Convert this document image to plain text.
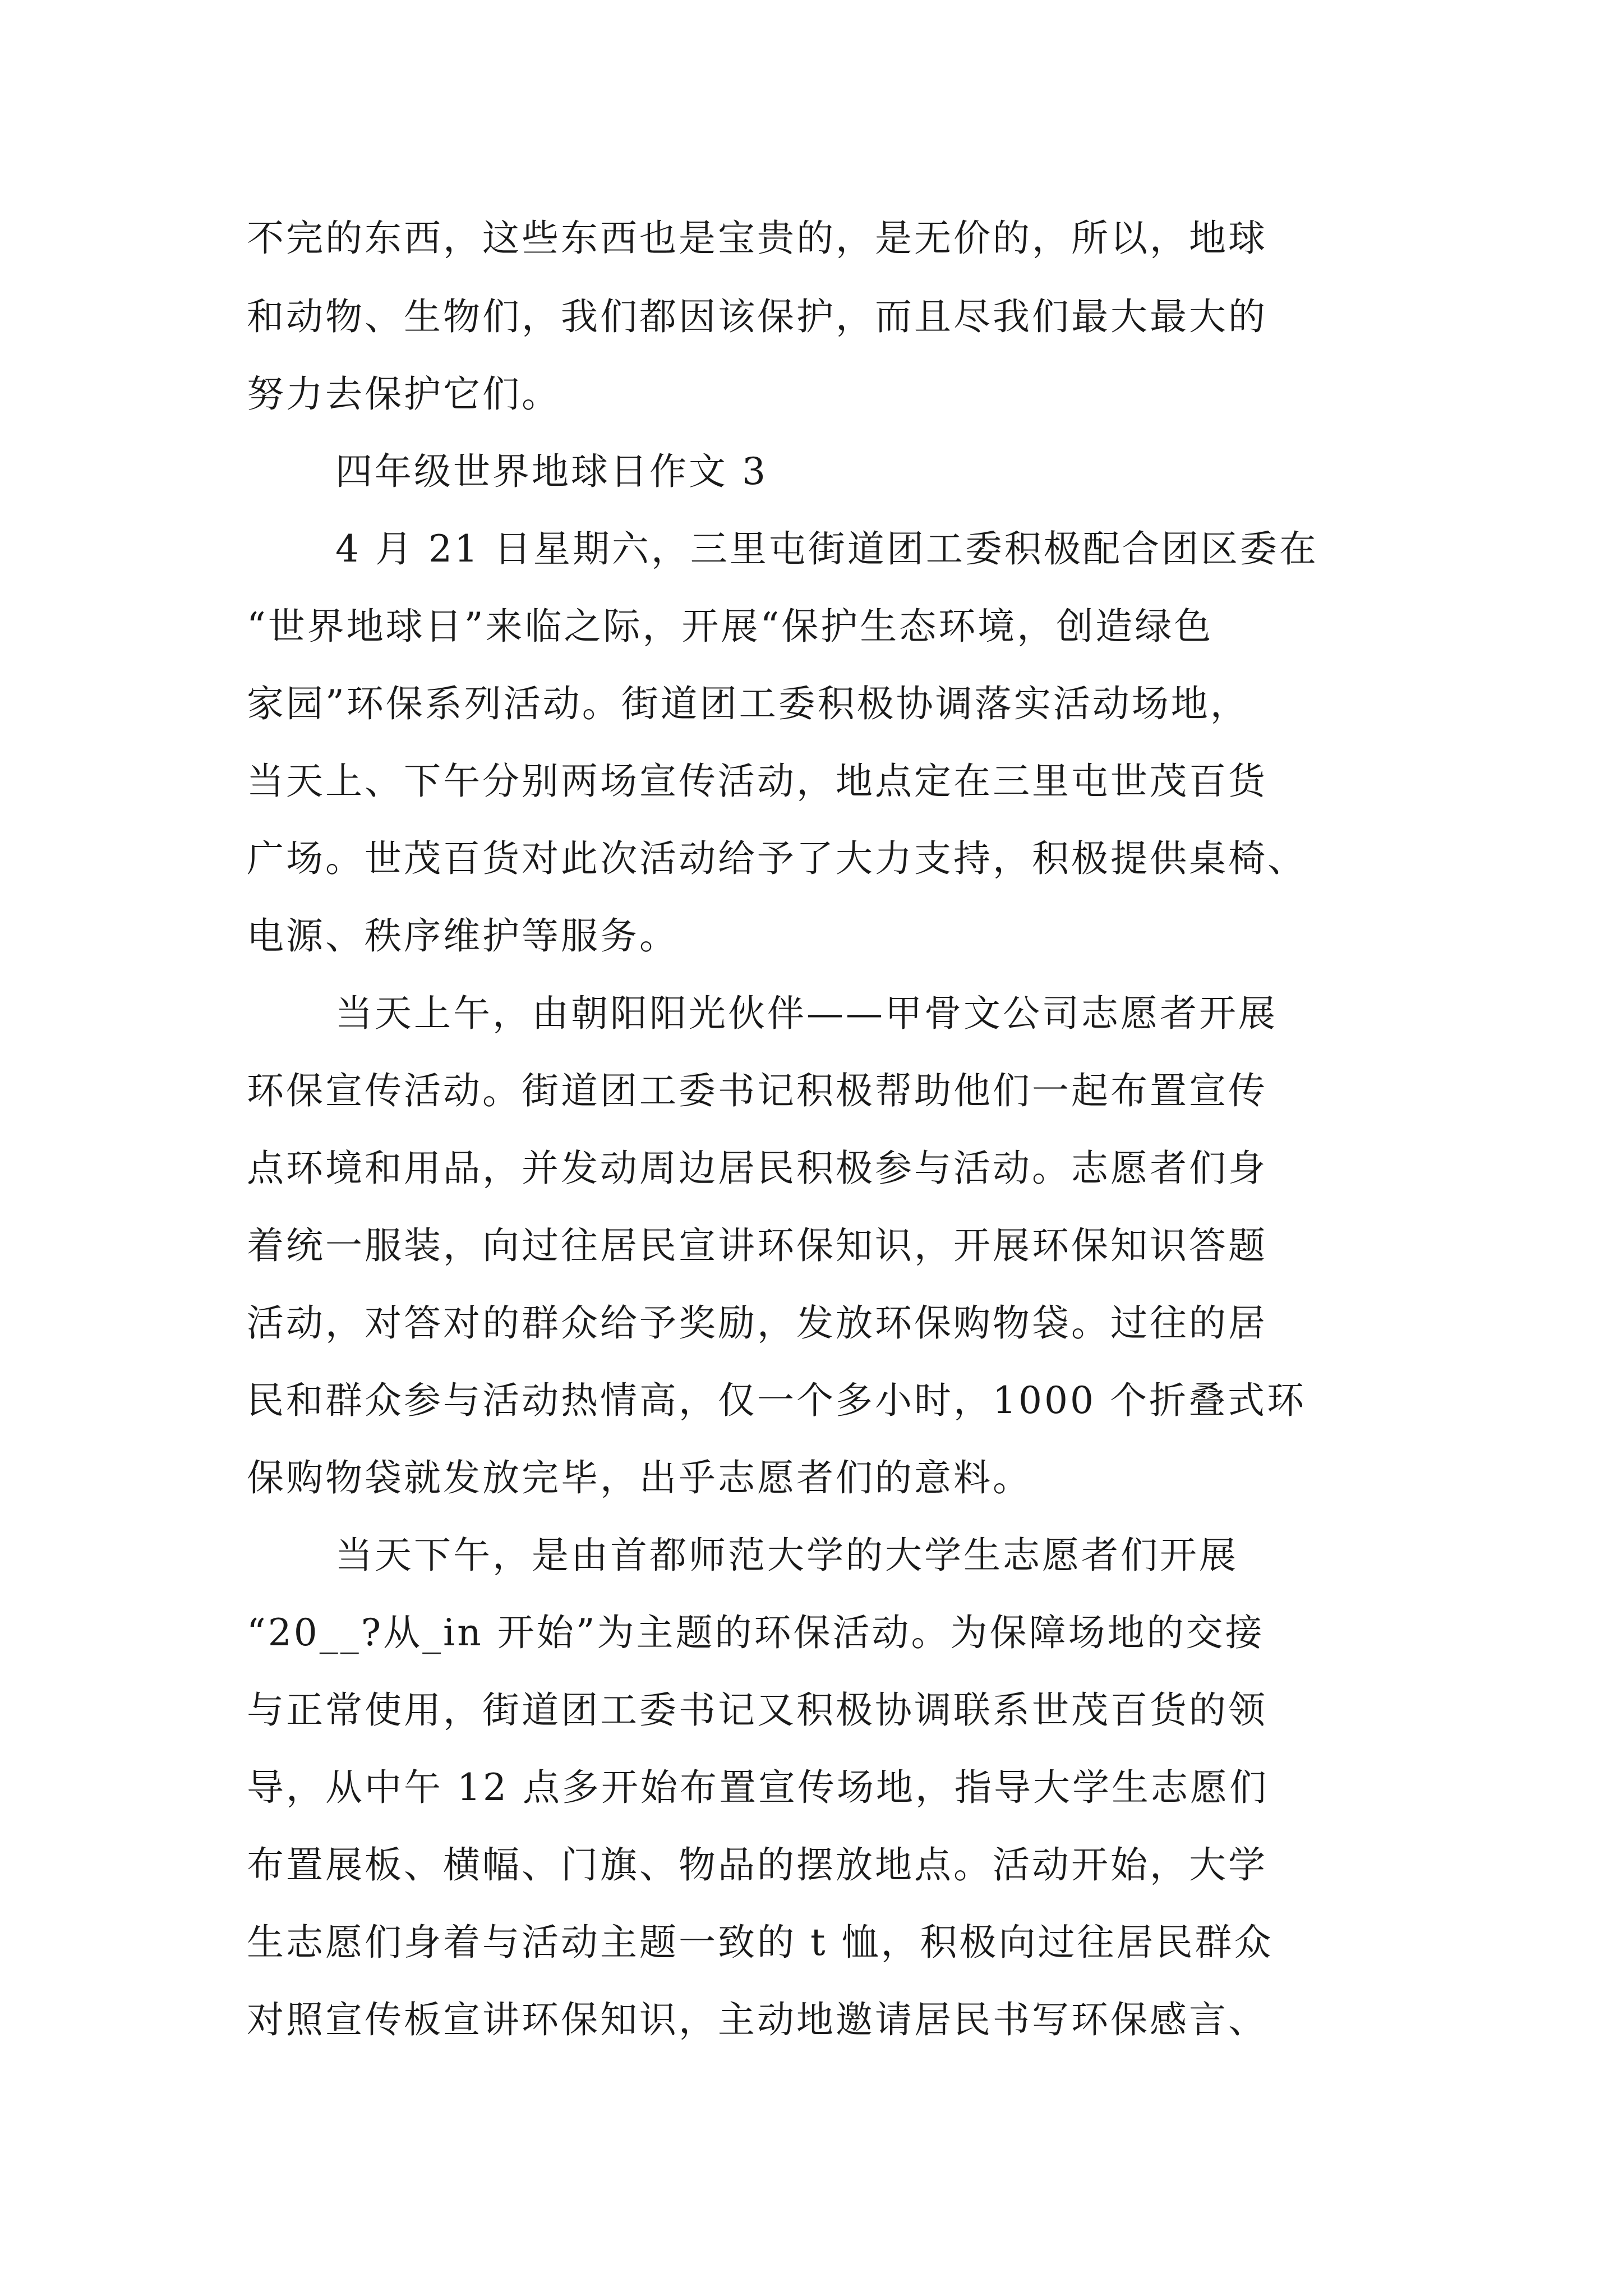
不完的东西，这些东西也是宝贵的，是无价的，所以，地球
和动物、生物们，我们都因该保护，而且尽我们最大最大的
努力去保护它们。
四年级世界地球日作文 3
4 月 21 日星期六，三里屯街道团工委积极配合团区委在
“世界地球日”来临之际，开展“保护生态环境，创造绿色
家园”环保系列活动。街道团工委积极协调落实活动场地，
当天上、下午分别两场宣传活动，地点定在三里屯世茂百货
广场。世茂百货对此次活动给予了大力支持，积极提供桌椅、
电源、秩序维护等服务。
当天上午，由朝阳阳光伙伴——甲骨文公司志愿者开展
环保宣传活动。街道团工委书记积极帮助他们一起布置宣传
点环境和用品，并发动周边居民积极参与活动。志愿者们身
着统一服装，向过往居民宣讲环保知识，开展环保知识答题
活动，对答对的群众给予奖励，发放环保购物袋。过往的居
民和群众参与活动热情高，仅一个多小时，1000 个折叠式环
保购物袋就发放完毕，出乎志愿者们的意料。
当天下午，是由首都师范大学的大学生志愿者们开展
“20__?从_in 开始”为主题的环保活动。为保障场地的交接
与正常使用，街道团工委书记又积极协调联系世茂百货的领
导，从中午 12 点多开始布置宣传场地，指导大学生志愿们
布置展板、横幅、门旗、物品的摆放地点。活动开始，大学
生志愿们身着与活动主题一致的 t 恤，积极向过往居民群众
对照宣传板宣讲环保知识，主动地邀请居民书写环保感言、
